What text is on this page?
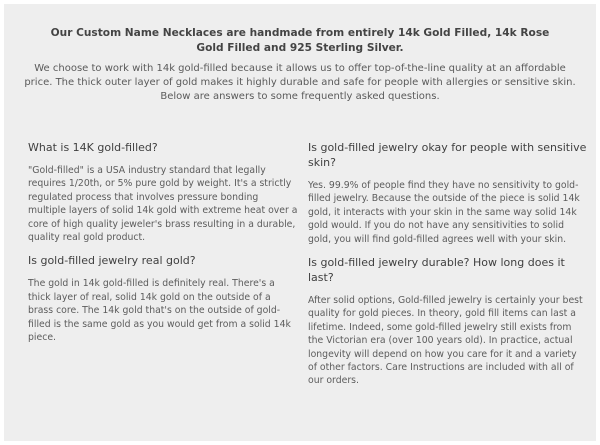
Our Custom Name Necklaces are handmade from entirely 14k Gold Filled, 14k Rose Gold Filled and 925 Sterling Silver.

We choose to work with 14k gold-filled because it allows us to offer top-of-the-line quality at an affordable price. The thick outer layer of gold makes it highly durable and safe for people with allergies or sensitive skin. Below are answers to some frequently asked questions.

What is 14K gold-filled?

"Gold-filled" is a USA industry standard that legally requires 1/20th, or 5% pure gold by weight. It's a strictly regulated process that involves pressure bonding multiple layers of solid 14k gold with extreme heat over a core of high quality jeweler's brass resulting in a durable, quality real gold product.

Is gold-filled jewelry real gold?

The gold in 14k gold-filled is definitely real. There's a thick layer of real, solid 14k gold on the outside of a brass core. The 14k gold that's on the outside of gold-filled is the same gold as you would get from a solid 14k piece.

Is gold-filled jewelry okay for people with sensitive skin?

Yes. 99.9% of people find they have no sensitivity to gold-filled jewelry. Because the outside of the piece is solid 14k gold, it interacts with your skin in the same way solid 14k gold would. If you do not have any sensitivities to solid gold, you will find gold-filled agrees well with your skin.

Is gold-filled jewelry durable? How long does it last?

After solid options, Gold-filled jewelry is certainly your best quality for gold pieces. In theory, gold fill items can last a lifetime. Indeed, some gold-filled jewelry still exists from the Victorian era (over 100 years old). In practice, actual longevity will depend on how you care for it and a variety of other factors. Care Instructions are included with all of our orders.
